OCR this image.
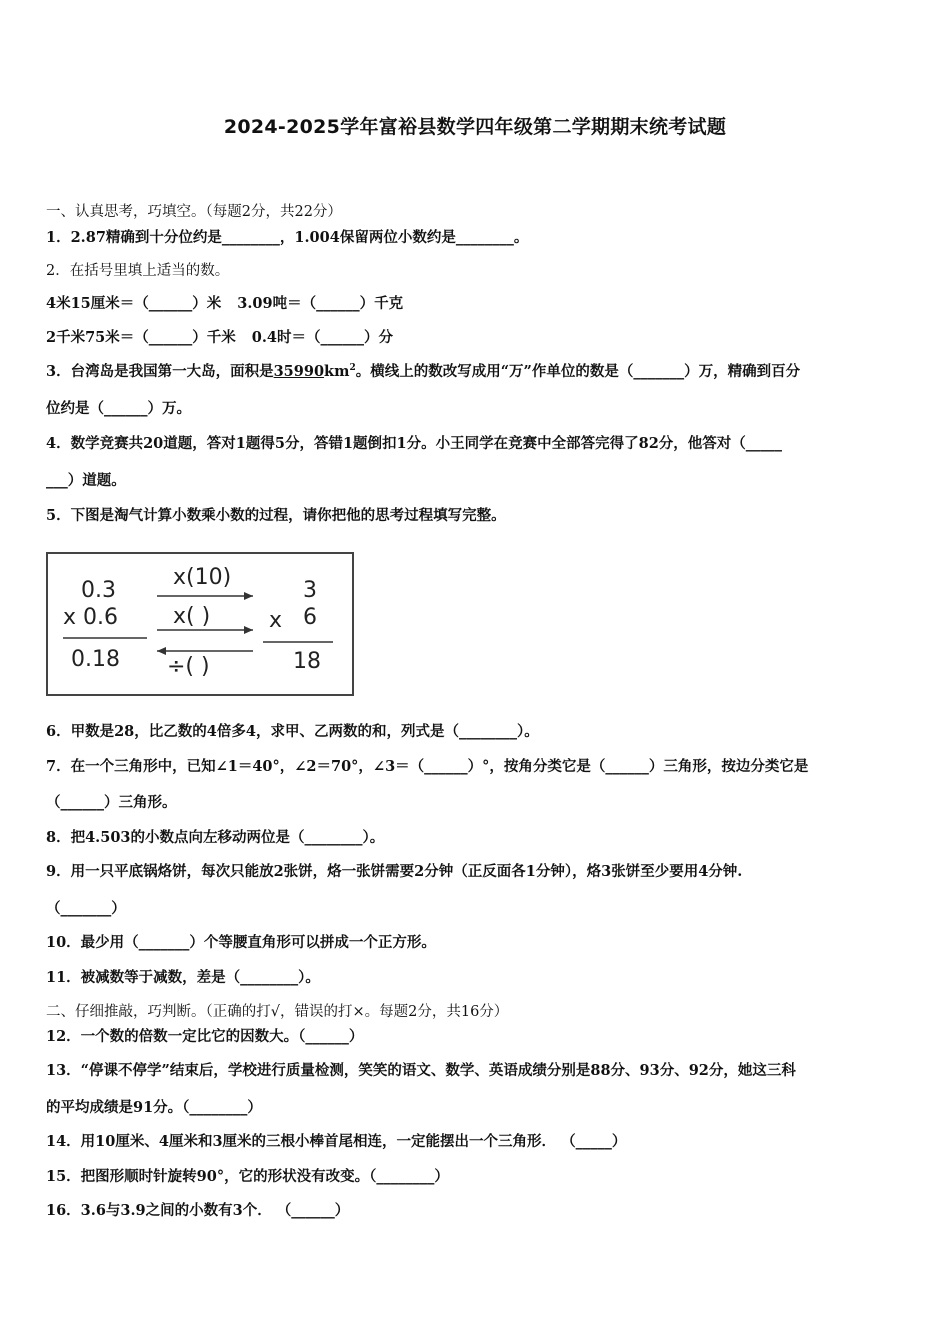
2024-2025学年富裕县数学四年级第二学期期末统考试题
一、认真思考，巧填空。（每题2分，共22分）
1．2.87精确到十分位约是________，1.004保留两位小数约是________。
2．在括号里填上适当的数。
4米15厘米＝（______）米 3.09吨＝（______）千克
2千米75米＝（______）千米 0.4时＝（______）分
3．台湾岛是我国第一大岛，面积是$35990km^2$。横线上的数改写成用“万”作单位的数是（_______）万，精确到百分
位约是（______）万。
4．数学竞赛共20道题，答对1题得5分，答错1题倒扣1分。小王同学在竞赛中全部答完得了82分，他答对（_____
___）道题。
5．下图是淘气计算小数乘小数的过程，请你把他的思考过程填写完整。
0.3
x 0.6
0.18
x(10)
x( )
÷( )
3
x 6
18
6．甲数是28，比乙数的4倍多4，求甲、乙两数的和，列式是（________）。
7．在一个三角形中，已知∠1＝40°，∠2＝70°，∠3＝（______）°，按角分类它是（______）三角形，按边分类它是
（______）三角形。
8．把4.503的小数点向左移动两位是（________）。
9．用一只平底锅烙饼，每次只能放2张饼，烙一张饼需要2分钟（正反面各1分钟），烙3张饼至少要用4分钟.
（_______）
10．最少用（_______）个等腰直角形可以拼成一个正方形。
11．被减数等于减数，差是（________）。
二、仔细推敲，巧判断。（正确的打√，错误的打×。每题2分，共16分）
12．一个数的倍数一定比它的因数大。（______）
13．“停课不停学”结束后，学校进行质量检测，笑笑的语文、数学、英语成绩分别是88分、93分、92分，她这三科
的平均成绩是91分。（________）
14．用10厘米、4厘米和3厘米的三根小棒首尾相连，一定能摆出一个三角形． （_____）
15．把图形顺时针旋转90°，它的形状没有改变。（________）
16．3.6与3.9之间的小数有3个． （______）
